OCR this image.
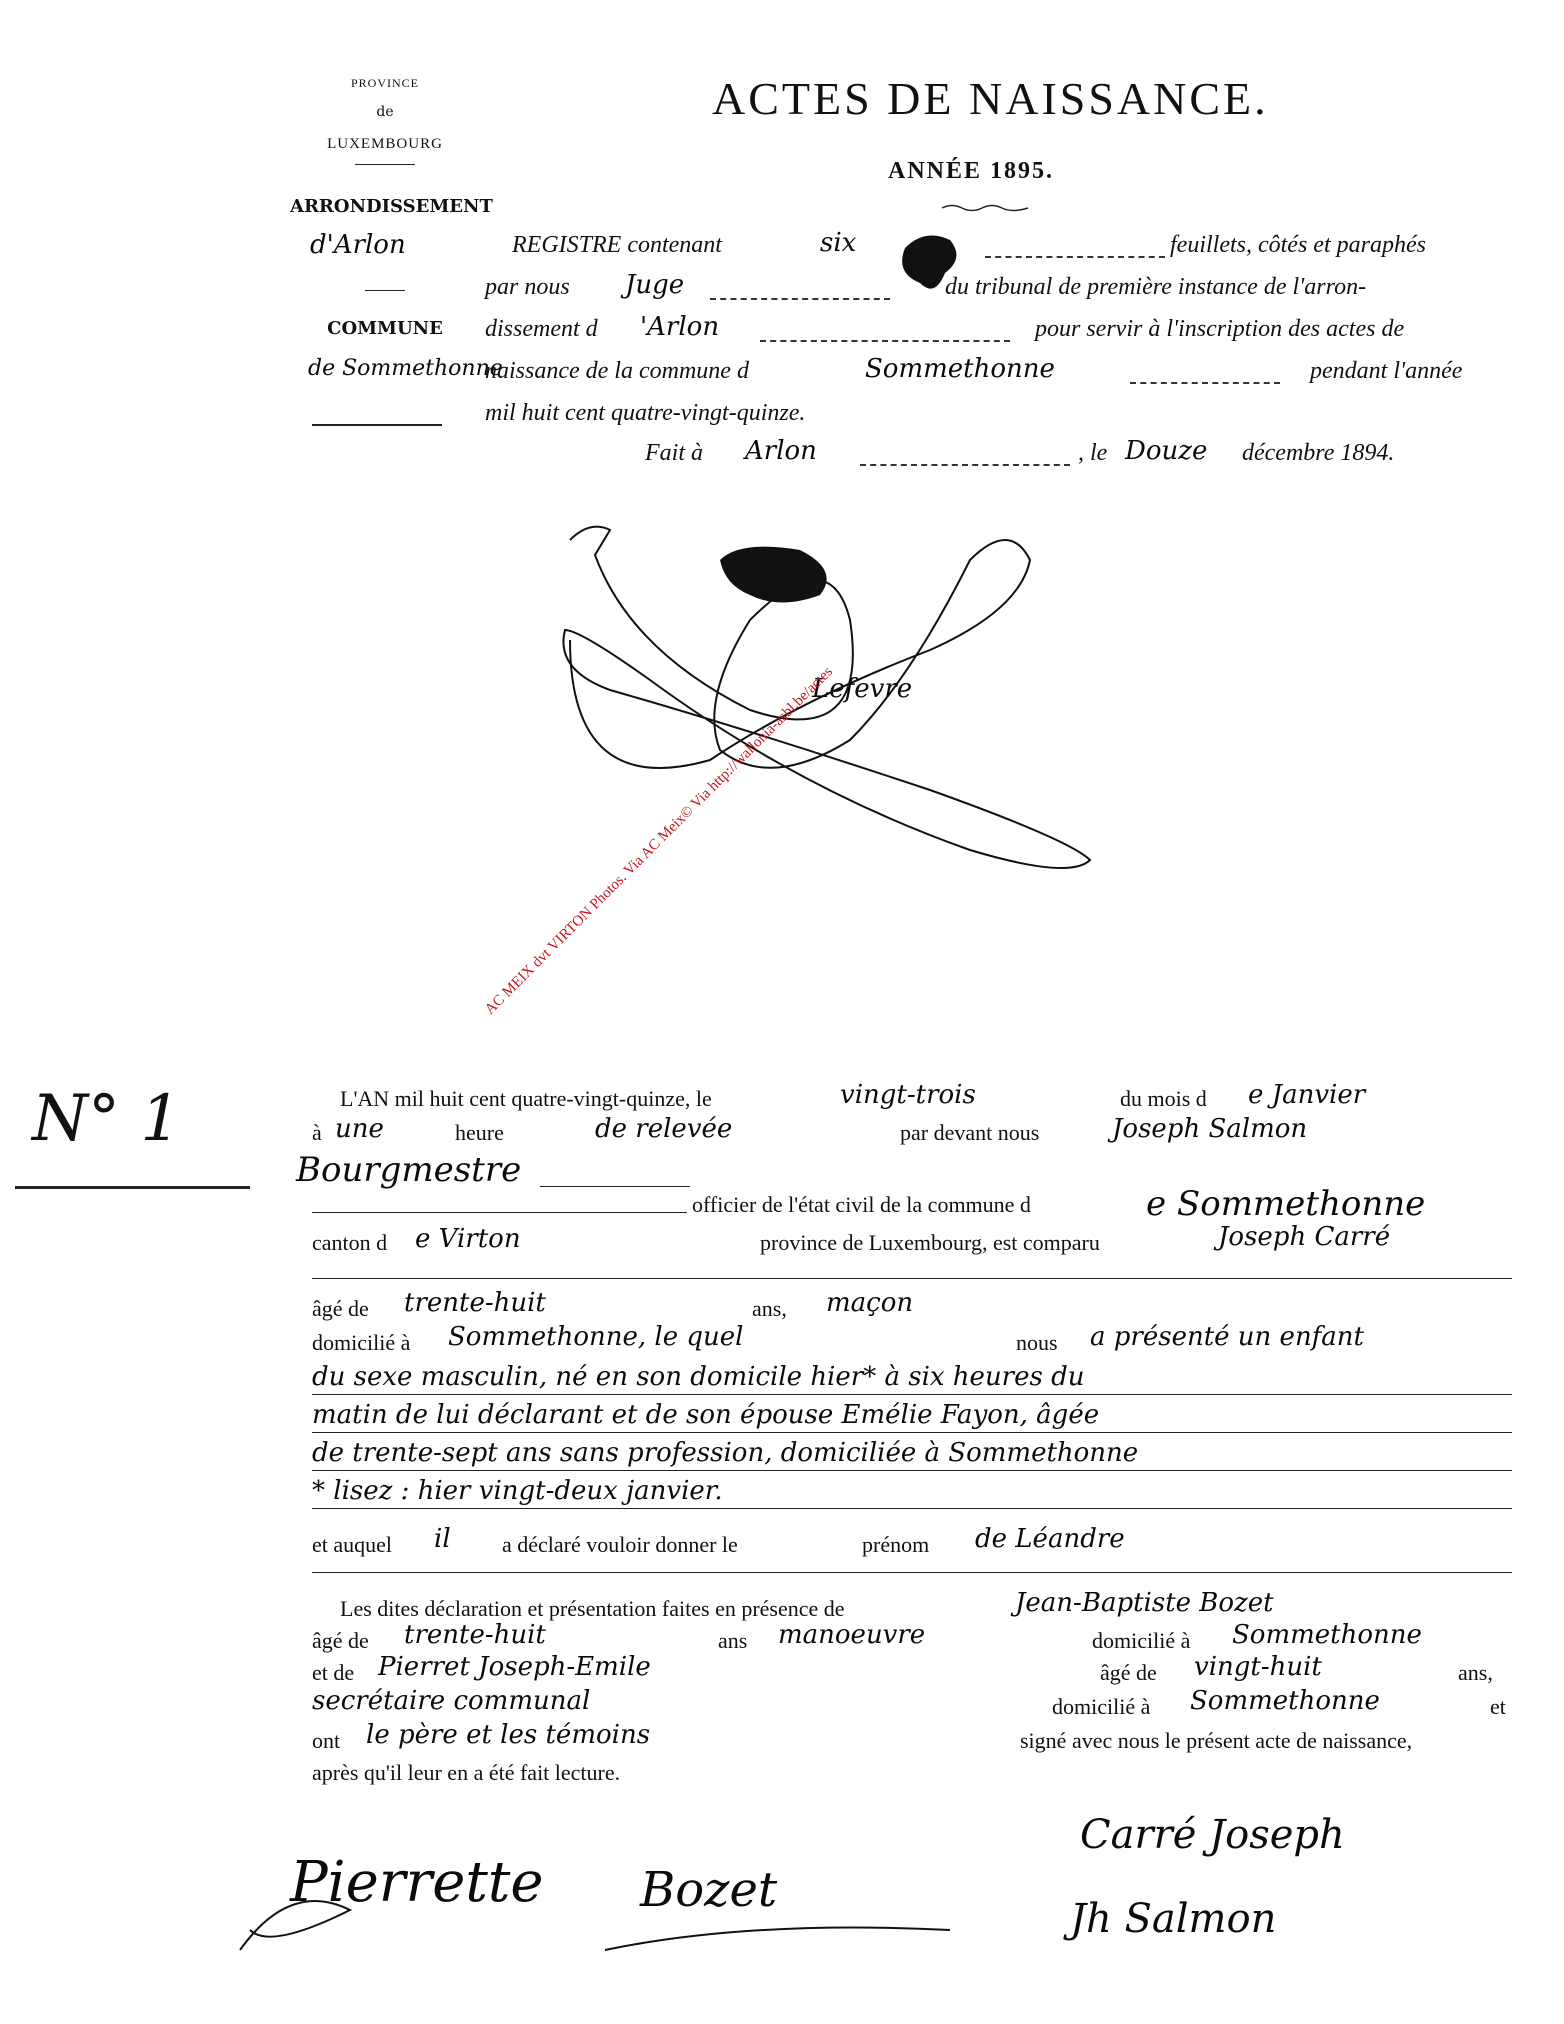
PROVINCE
de
LUXEMBOURG
ARRONDISSEMENT
d'Arlon
COMMUNE
de Sommethonne
ACTES DE NAISSANCE.
ANNÉE 1895.
REGISTRE contenant	six	feuillets, côtés et paraphés
par nous Juge	du tribunal de première instance de l'arron-
dissement d 'Arlon	pour servir à l'inscription des actes de
naissance de la commune d	Sommethonne	pendant l'année
mil huit cent quatre-vingt-quinze.
Fait à Arlon	, le Douze décembre 1894.
Lefevre
AC MEIX dvt VIRTON Photos. Via AC Meix© Via http://wallonia-asbl.be/actes
N° 1	L'AN mil huit cent quatre-vingt-quinze, le	vingt-trois	du mois d e Janvier
à une	heure	de relevée	par devant nous	Joseph Salmon
Bourgmestre
officier de l'état civil de la commune d	e Sommethonne
canton d e Virton	province de Luxembourg, est comparu	Joseph Carré
âgé de trente-huit	ans, maçon
domicilié à Sommethonne, le quel	nous a présenté un enfant
du sexe masculin, né en son domicile hier* à six heures du
matin de lui déclarant et de son épouse Emélie Fayon, âgée
de trente-sept ans sans profession, domiciliée à Sommethonne
* lisez : hier vingt-deux janvier.
et auquel il a déclaré vouloir donner le	prénom de Léandre
Les dites déclaration et présentation faites en présence de	Jean-Baptiste Bozet
âgé de trente-huit	ans manoeuvre	domicilié à Sommethonne
et de Pierret Joseph-Emile	âgé de vingt-huit	ans,
secrétaire communal	domicilié à Sommethonne	et
ont le père et les témoins	signé avec nous le présent acte de naissance,
après qu'il leur en a été fait lecture.
Pierrette Bozet
Carré Joseph
Jh Salmon
